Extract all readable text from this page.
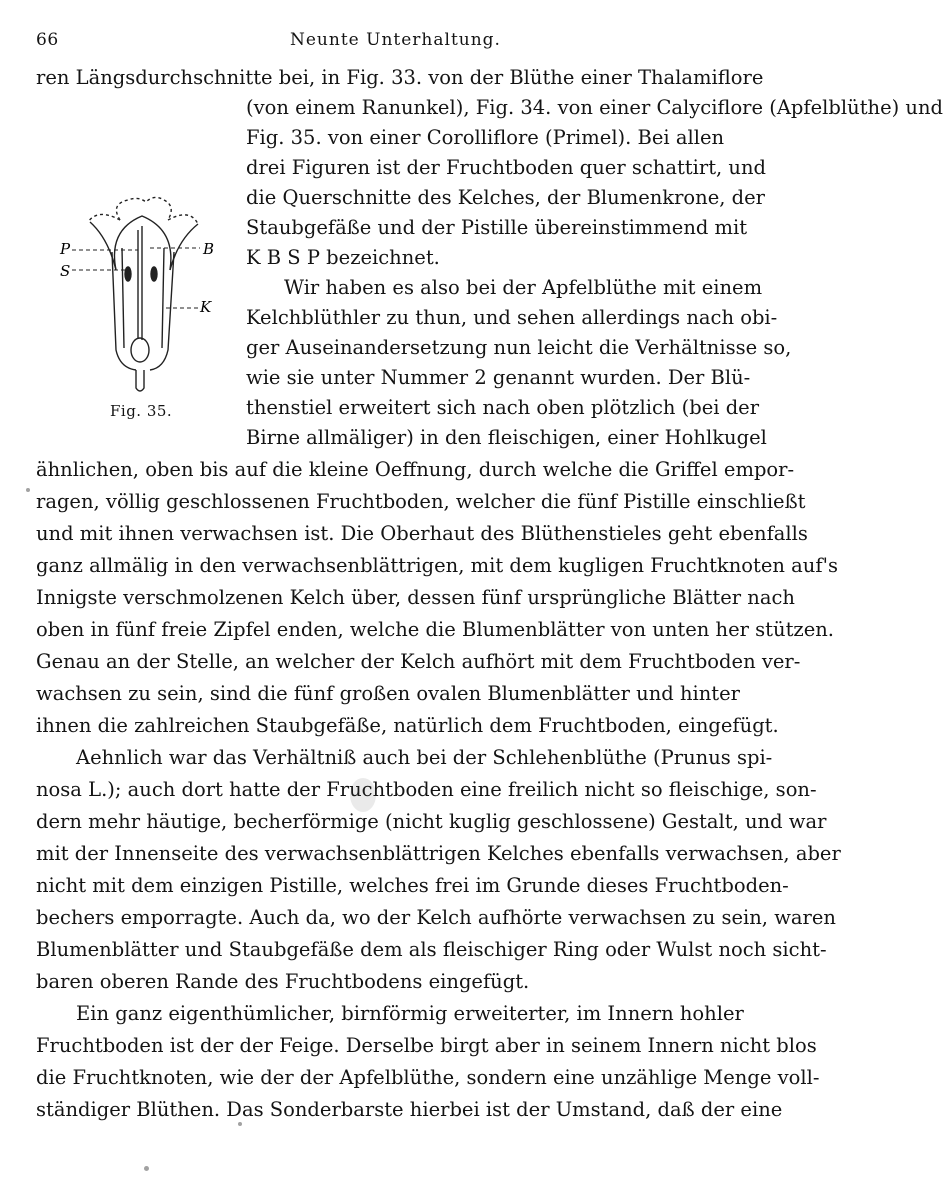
66	Neunte Unterhaltung.
P
S
B
K
Fig. 35.
ren Längsdurchschnitte bei, in Fig. 33. von der Blüthe einer Thalamiflore
(von einem Ranunkel), Fig. 34. von einer Calyciflore (Apfelblüthe) und
Fig. 35. von einer Corolliflore (Primel). Bei allen
drei Figuren ist der Fruchtboden quer schattirt, und
die Querschnitte des Kelches, der Blumenkrone, der
Staubgefäße und der Pistille übereinstimmend mit
K B S P bezeichnet.
Wir haben es also bei der Apfelblüthe mit einem
Kelchblüthler zu thun, und sehen allerdings nach obi-
ger Auseinandersetzung nun leicht die Verhältnisse so,
wie sie unter Nummer 2 genannt wurden. Der Blü-
thenstiel erweitert sich nach oben plötzlich (bei der
Birne allmäliger) in den fleischigen, einer Hohlkugel
ähnlichen, oben bis auf die kleine Oeffnung, durch welche die Griffel empor-
ragen, völlig geschlossenen Fruchtboden, welcher die fünf Pistille einschließt
und mit ihnen verwachsen ist. Die Oberhaut des Blüthenstieles geht ebenfalls
ganz allmälig in den verwachsenblättrigen, mit dem kugligen Fruchtknoten auf's
Innigste verschmolzenen Kelch über, dessen fünf ursprüngliche Blätter nach
oben in fünf freie Zipfel enden, welche die Blumenblätter von unten her stützen.
Genau an der Stelle, an welcher der Kelch aufhört mit dem Fruchtboden ver-
wachsen zu sein, sind die fünf großen ovalen Blumenblätter und hinter
ihnen die zahlreichen Staubgefäße, natürlich dem Fruchtboden, eingefügt.
Aehnlich war das Verhältniß auch bei der Schlehenblüthe (Prunus spi-
nosa L.); auch dort hatte der Fruchtboden eine freilich nicht so fleischige, son-
dern mehr häutige, becherförmige (nicht kuglig geschlossene) Gestalt, und war
mit der Innenseite des verwachsenblättrigen Kelches ebenfalls verwachsen, aber
nicht mit dem einzigen Pistille, welches frei im Grunde dieses Fruchtboden-
bechers emporragte. Auch da, wo der Kelch aufhörte verwachsen zu sein, waren
Blumenblätter und Staubgefäße dem als fleischiger Ring oder Wulst noch sicht-
baren oberen Rande des Fruchtbodens eingefügt.
Ein ganz eigenthümlicher, birnförmig erweiterter, im Innern hohler
Fruchtboden ist der der Feige. Derselbe birgt aber in seinem Innern nicht blos
die Fruchtknoten, wie der der Apfelblüthe, sondern eine unzählige Menge voll-
ständiger Blüthen. Das Sonderbarste hierbei ist der Umstand, daß der eine
